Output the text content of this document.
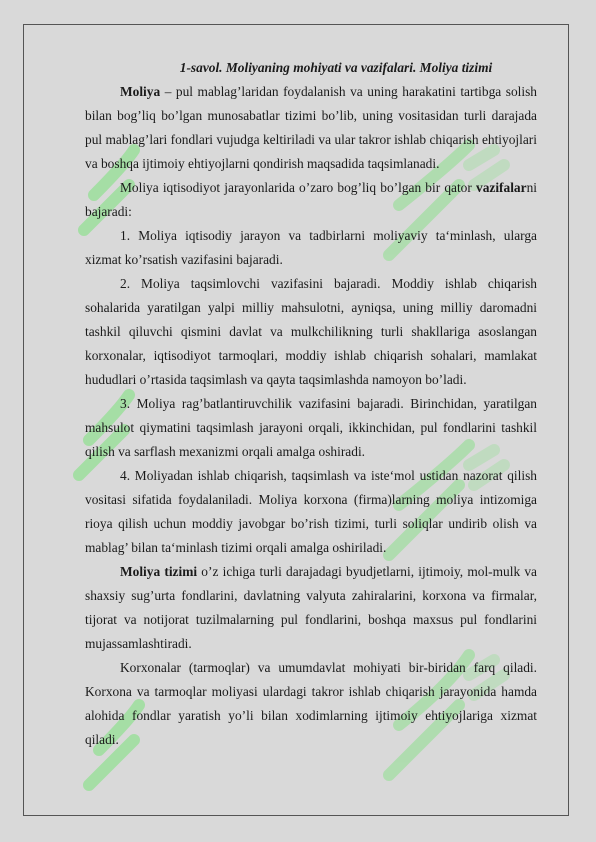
1-savol. Moliyaning mohiyati va vazifalari. Moliya tizimi

Moliya – pul mablag’laridan foydalanish va uning harakatini tartibga solish bilan bog’liq bo’lgan munosabatlar tizimi bo’lib, uning vositasidan turli darajada pul mablag’lari fondlari vujudga keltiriladi va ular takror ishlab chiqarish ehtiyojlari va boshqa ijtimoiy ehtiyojlarni qondirish maqsadida taqsimlanadi.

Moliya iqtisodiyot jarayonlarida o’zaro bog’liq bo’lgan bir qator vazifalarni bajaradi:

1. Moliya iqtisodiy jarayon va tadbirlarni moliyaviy ta‘minlash, ularga xizmat ko’rsatish vazifasini bajaradi.

2. Moliya taqsimlovchi vazifasini bajaradi. Moddiy ishlab chiqarish sohalarida yaratilgan yalpi milliy mahsulotni, ayniqsa, uning milliy daromadni tashkil qiluvchi qismini davlat va mulkchilikning turli shakllariga asoslangan korxonalar, iqtisodiyot tarmoqlari, moddiy ishlab chiqarish sohalari, mamlakat hududlari o’rtasida taqsimlash va qayta taqsimlashda namoyon bo’ladi.

3. Moliya rag’batlantiruvchilik vazifasini bajaradi. Birinchidan, yaratilgan mahsulot qiymatini taqsimlash jarayoni orqali, ikkinchidan, pul fondlarini tashkil qilish va sarflash mexanizmi orqali amalga oshiradi.

4. Moliyadan ishlab chiqarish, taqsimlash va iste‘mol ustidan nazorat qilish vositasi sifatida foydalaniladi. Moliya korxona (firma)larning moliya intizomiga rioya qilish uchun moddiy javobgar bo’rish tizimi, turli soliqlar undirib olish va mablag’ bilan ta‘minlash tizimi orqali amalga oshiriladi.

Moliya tizimi o’z ichiga turli darajadagi byudjetlarni, ijtimoiy, mol-mulk va shaxsiy sug’urta fondlarini, davlatning valyuta zahiralarini, korxona va firmalar, tijorat va notijorat tuzilmalarning pul fondlarini, boshqa maxsus pul fondlarini mujassamlashtiradi.

Korxonalar (tarmoqlar) va umumdavlat mohiyati bir-biridan farq qiladi. Korxona va tarmoqlar moliyasi ulardagi takror ishlab chiqarish jarayonida hamda alohida fondlar yaratish yo’li bilan xodimlarning ijtimoiy ehtiyojlariga xizmat qiladi.
